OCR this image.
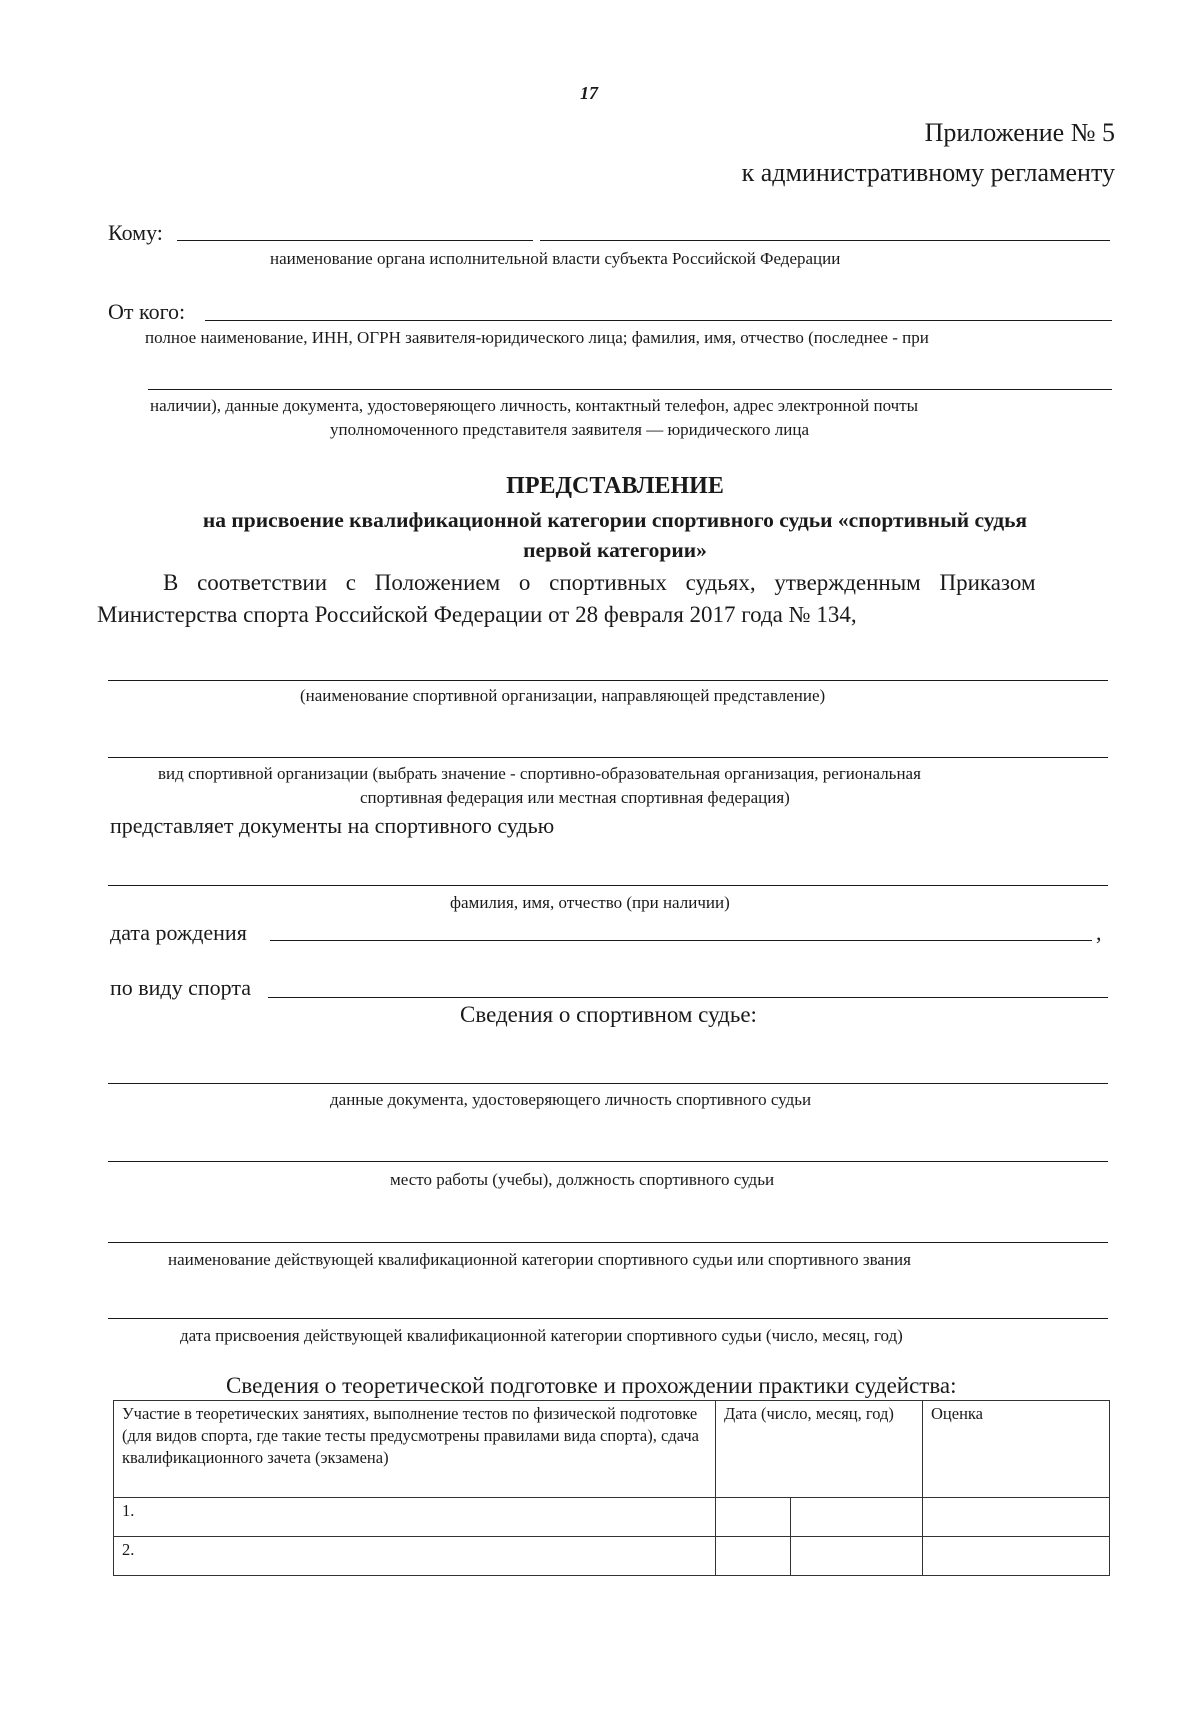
17
Приложение № 5
к административному регламенту
Кому:
наименование органа исполнительной власти субъекта Российской Федерации
От кого:
полное наименование, ИНН, ОГРН заявителя-юридического лица; фамилия, имя, отчество (последнее - при
наличии), данные документа, удостоверяющего личность, контактный телефон, адрес электронной почты
уполномоченного представителя заявителя — юридического лица
ПРЕДСТАВЛЕНИЕ
на присвоение квалификационной категории спортивного судьи «спортивный судья
первой категории»
В соответствии с Положением о спортивных судьях, утвержденным Приказом
Министерства спорта Российской Федерации от 28 февраля 2017 года № 134,
(наименование спортивной организации, направляющей представление)
вид спортивной организации (выбрать значение - спортивно-образовательная организация, региональная
спортивная федерация или местная спортивная федерация)
представляет документы на спортивного судью
фамилия, имя, отчество (при наличии)
дата рождения	,
по виду спорта
Сведения о спортивном судье:
данные документа, удостоверяющего личность спортивного судьи
место работы (учебы), должность спортивного судьи
наименование действующей квалификационной категории спортивного судьи или спортивного звания
дата присвоения действующей квалификационной категории спортивного судьи (число, месяц, год)
Сведения о теоретической подготовке и прохождении практики судейства:
Участие в теоретических занятиях, выполнение тестов по физической подготовке (для видов спорта, где такие тесты предусмотрены правилами вида спорта), сдача квалификационного зачета (экзамена)	Дата (число, месяц, год)		Оценка
1.			
2.			
